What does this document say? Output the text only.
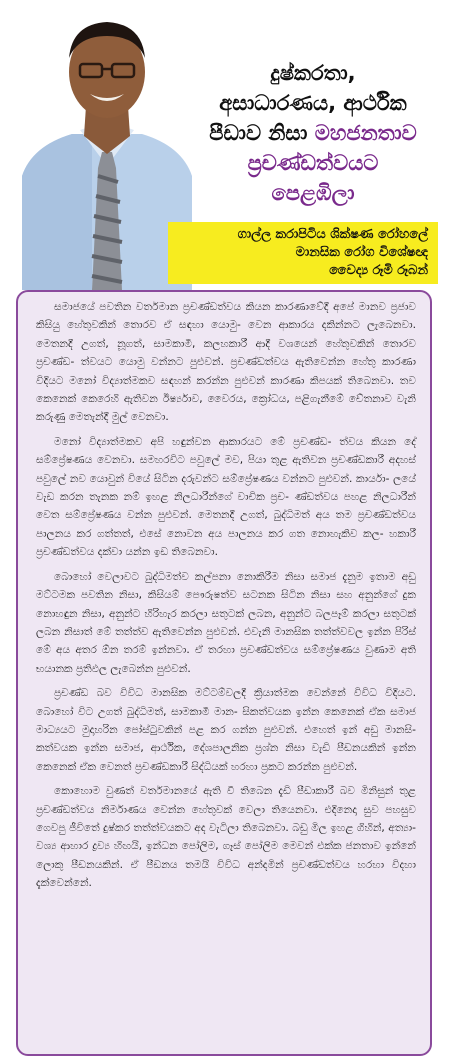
දුෂ්කරතා,
අසාධාරණය, ආර්ථික
පීඩාව නිසා මහජනතාව
ප්‍රචණ්ඩත්වයට
පෙළඹිලා
ගාල්ල කරාපිටිය ශික්ෂණ රෝහලේ
මානසික රෝග විශේෂඥ
වෛද්‍ය රූමි රූබන්

සමාජයේ පවතින වර්තමාන ප්‍රචණ්ඩත්වය කියන කාරණාවේදී අපේ මානව ප්‍රජාව කිසියු හේතුවකින් තොරව ඒ සඳහා යොමු- වෙන ආකාරය දකින්නට ලැබෙනවා. මෙතනදී උගත්, නූගත්, සාමකාමී, කලහකාරී ආදී වශයෙන් හේතුවකින් තොරව ප්‍රචණ්ඩ- ත්වයට යොමු වන්නට පුළුවන්. ප්‍රචණ්ඩත්වය ඇතිවෙන්න හේතු කාරණා විදියට මනෝ විද්‍යාත්මකව සඳහන් කරන්න පුළුවන් කාරණා කිපයක් තිබෙනවා. තව කෙනෙක් කෙරෙහි ඇතිවන ඊර්ෂ්‍යාව, වෛරය, ක්‍රෝධය, පළිගැනීමේ චේතනාව වැනි කරුණු මෙතැන්දී මුල් වෙනවා.

මනෝ විද්‍යාත්මකව අපි හඳුන්වන ආකාරයට මේ ප්‍රචණ්ඩ- ත්වය කියන දේ සම්ප්‍රේෂණය වෙනවා. සමහරවිට පවුලේ මව, පියා තුළ ඇතිවන ප්‍රචණ්ඩකාරී අදහස් පවුලේ නව යොවුන් වියේ සිටින දරුවන්ට සම්ප්‍රේෂණය වන්නට පුළුවන්. කාර්යා- ලයේ වැඩ කරන තැනක නම් ඉහළ නිලධාරීන්ගේ වාචික ප්‍රච- ණ්ඩත්වය පහළ නිලධාරීන් වෙත සම්ප්‍රේෂණය වන්න පුළුවන්. මෙතනදී උගත්, බුද්ධිමත් අය තම ප්‍රචණ්ඩත්වය පාලනය කර ගත්තත්, එසේ නොවන අය පාලනය කර ගත නොහැකිව කල- හකාරී ප්‍රචණ්ඩත්වය දක්වා යන්න ඉඩ තිබෙනවා.

බොහෝ වෙලාවට බුද්ධිමත්ව කල්පනා නොකිරීම නිසා සමාජ දැනුම ඉතාම අඩු මට්ටමක පවතින නිසා, කිසියම් පෞරුෂත්ව සටනක සිටින නිසා සහ අනුන්ගේ දුක නොහඳුන නිසා, අනුන්ට හිරිහැර කරලා සතුටක් ලබන, අනුන්ට බලපෑම් කරලා සතුටක් ලබන නිසාත් මේ තත්ත්ව ඇතිවෙන්න පුළුවන්. එවැනි මානසික තත්ත්වවල ඉන්න පිරිස් මේ අය අතර ඕන තරම් ඉන්නවා. ඒ තරහා ප්‍රචණ්ඩත්වය සම්ප්‍රේෂණය වුණාම අති භයානක ප්‍රතිඵල ලැබෙන්න පුළුවන්.

ප්‍රචණ්ඩ බව විවිධ මානසික මට්ටම්වලදී ක්‍රියාත්මක වෙන්නේ විවිධ විදියට. බොහෝ විට උගත් බුද්ධිමත්, සාමකාමී මාන- සිකත්වයක ඉන්න කෙනෙක් ඒක සමාජ මාධ්‍යයට මුදාහරින පෝස්ටුවකින් පළ කර ගන්න පුළුවන්. එහෙත් ඉන් අඩු මානසි- කත්වයක ඉන්න සමාජ, ආර්ථික, දේශපාලනික ප්‍රශ්න නිසා වැඩි පීඩනයකින් ඉන්න කෙනෙක් ඒක වෙනත් ප්‍රචණ්ඩකාරී සිද්ධියක් හරහා ප්‍රකට කරන්න පුළුවන්.

කොහොම වුණත් වර්තමානයේ ඇති වී තිබෙන දැඩි පීඩාකාරී බව මිනිසුන් තුළ ප්‍රචණ්ඩත්වය නිර්මාණය වෙන්න හේතුවක් වෙලා තියෙනවා. එදිනෙදා සුව පහසුව ගෙවපු ජීවිතේ දුෂ්කර තත්ත්වයකට අද වැටිලා තිබෙනවා. බඩු මිල ඉහළ ගිහින්, අත්‍යා- වශ්‍ය ආහාර ද්‍රව්‍ය හිඟයි, ඉන්ධන පෝලිම, ගෑස් පෝලිම මෙවන් එක්ක ජනතාව ඉන්නේ ලොකු පීඩනයකින්. ඒ පීඩනය තමයි විවිධ අන්දමින් ප්‍රචණ්ඩත්වය හරහා විදහා දැක්වෙන්නේ.
